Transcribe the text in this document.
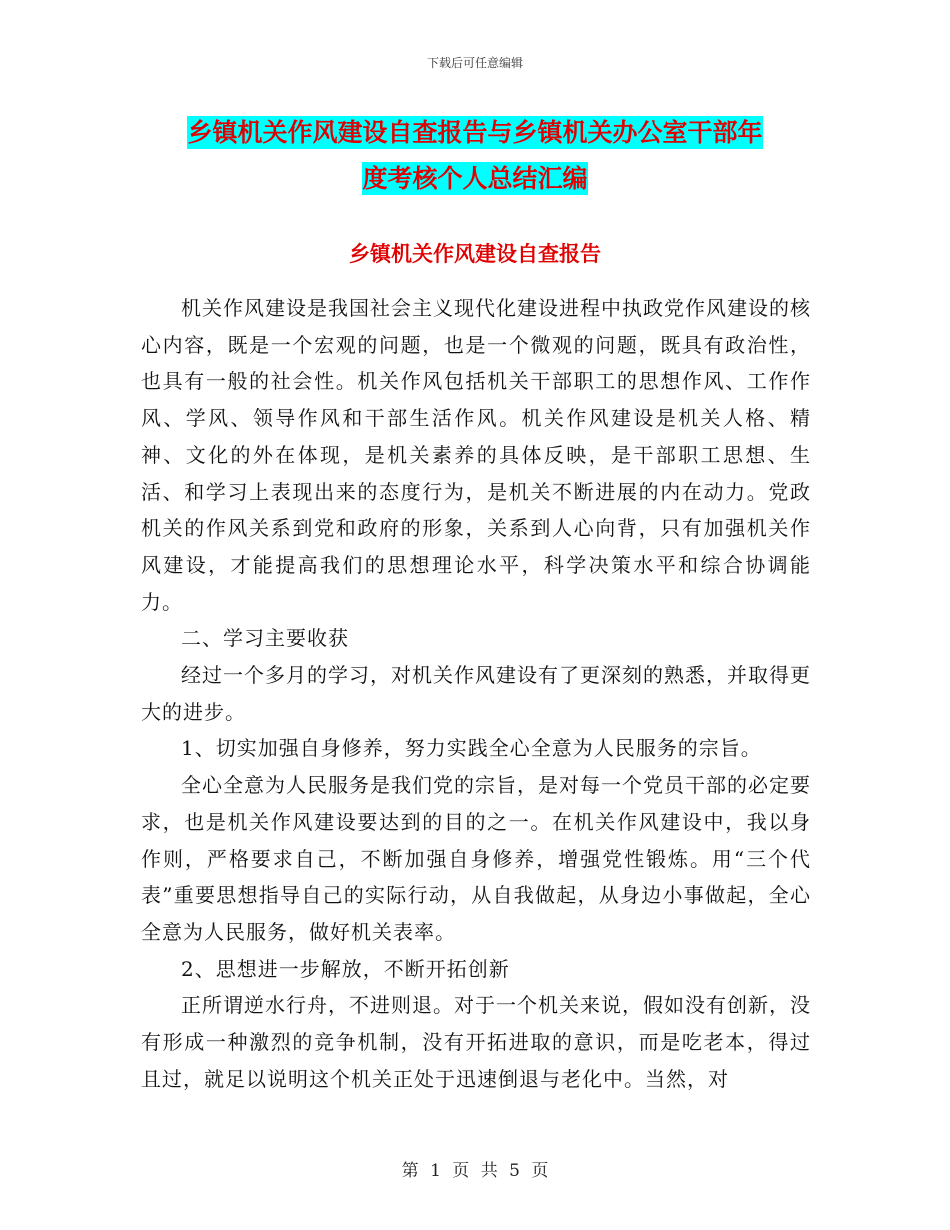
下载后可任意编辑
乡镇机关作风建设自查报告与乡镇机关办公室干部年
度考核个人总结汇编
乡镇机关作风建设自查报告

机关作风建设是我国社会主义现代化建设进程中执政党作风建设的核心内容，既是一个宏观的问题，也是一个微观的问题，既具有政治性，也具有一般的社会性。机关作风包括机关干部职工的思想作风、工作作风、学风、领导作风和干部生活作风。机关作风建设是机关人格、精神、文化的外在体现，是机关素养的具体反映，是干部职工思想、生活、和学习上表现出来的态度行为，是机关不断进展的内在动力。党政机关的作风关系到党和政府的形象，关系到人心向背，只有加强机关作风建设，才能提高我们的思想理论水平，科学决策水平和综合协调能力。

二、学习主要收获

经过一个多月的学习，对机关作风建设有了更深刻的熟悉，并取得更大的进步。

1、切实加强自身修养，努力实践全心全意为人民服务的宗旨。

全心全意为人民服务是我们党的宗旨，是对每一个党员干部的必定要求，也是机关作风建设要达到的目的之一。在机关作风建设中，我以身作则，严格要求自己，不断加强自身修养，增强党性锻炼。用“三个代表”重要思想指导自己的实际行动，从自我做起，从身边小事做起，全心全意为人民服务，做好机关表率。

2、思想进一步解放，不断开拓创新

正所谓逆水行舟，不进则退。对于一个机关来说，假如没有创新，没有形成一种激烈的竞争机制，没有开拓进取的意识，而是吃老本，得过且过，就足以说明这个机关正处于迅速倒退与老化中。当然，对

第 1 页 共 5 页
